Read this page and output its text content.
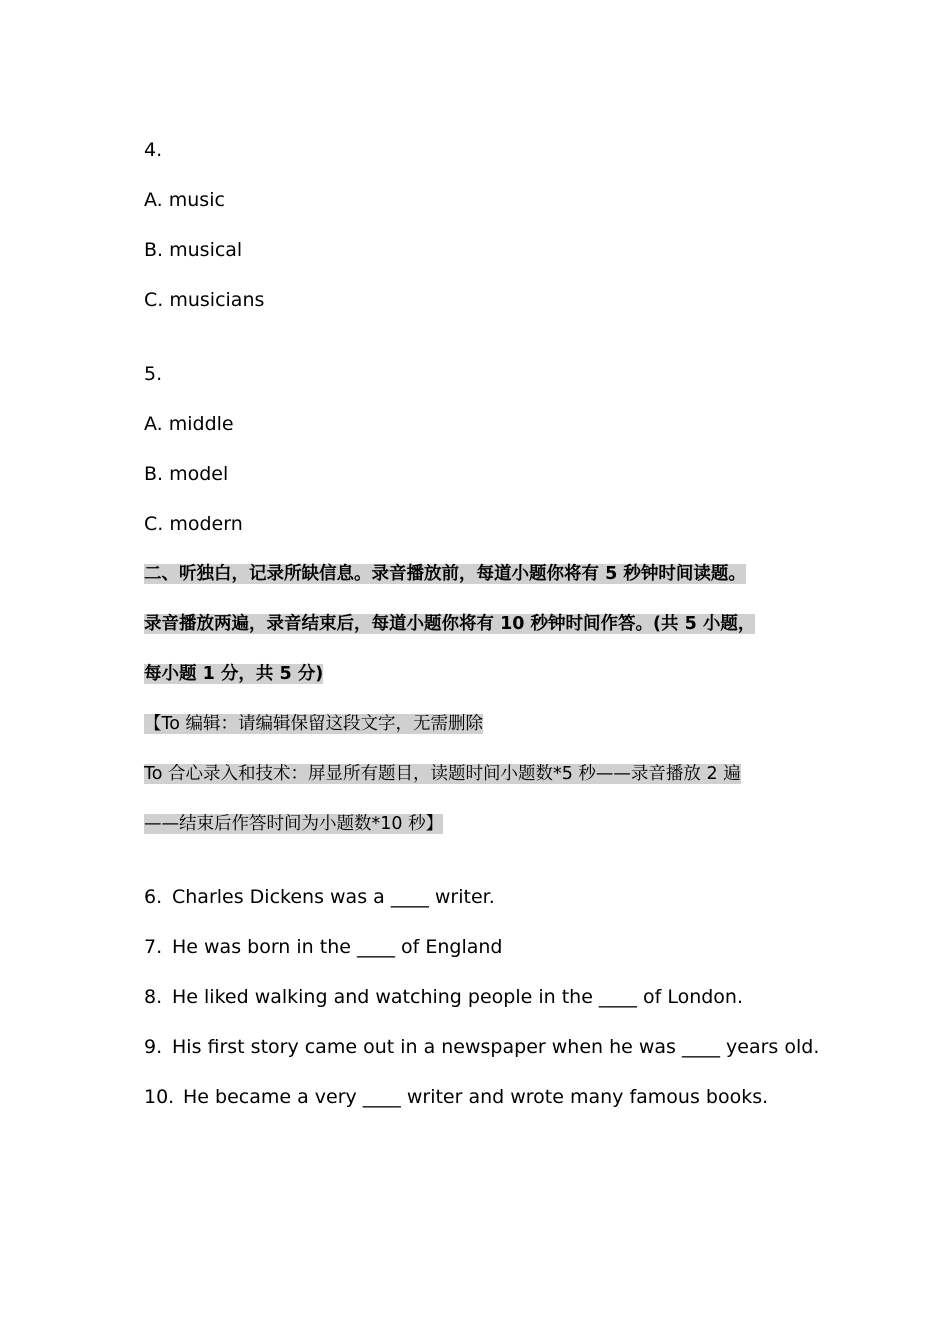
4.
A. music
B. musical
C. musicians
5.
A. middle
B. model
C. modern
二、听独白，记录所缺信息。录音播放前，每道小题你将有 5 秒钟时间读题。
录音播放两遍，录音结束后，每道小题你将有 10 秒钟时间作答。(共 5 小题，
每小题 1 分，共 5 分)
【To 编辑：请编辑保留这段文字，无需删除
To 合心录入和技术：屏显所有题目，读题时间小题数*5 秒——录音播放 2 遍
——结束后作答时间为小题数*10 秒】
6. Charles Dickens was a ____ writer.
7. He was born in the ____ of England
8. He liked walking and watching people in the ____ of London.
9. His first story came out in a newspaper when he was ____ years old.
10. He became a very ____ writer and wrote many famous books.
